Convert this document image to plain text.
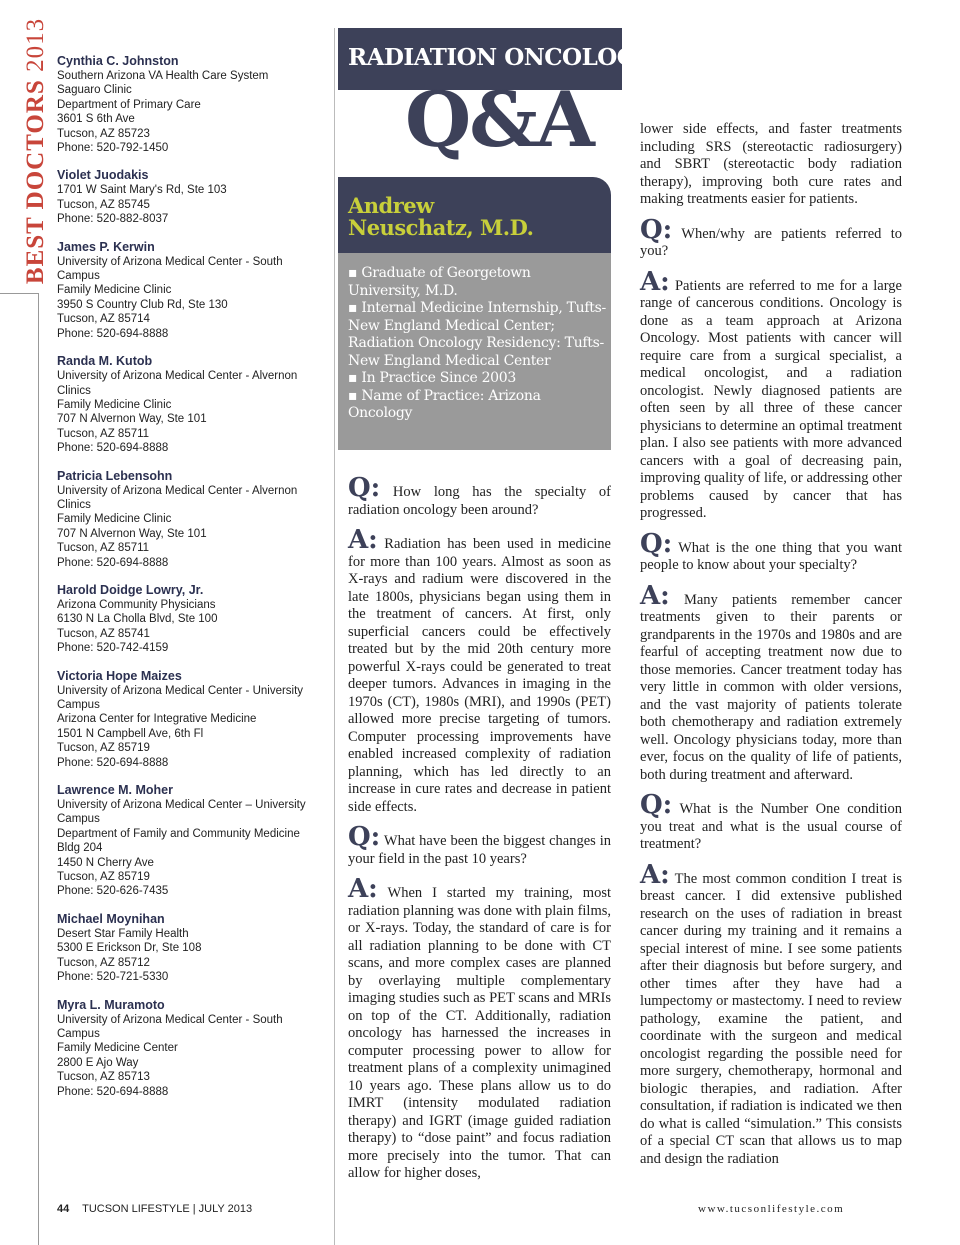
BEST DOCTORS 2013 Cynthia C. Johnston
Southern Arizona VA Health Care System
Saguaro Clinic
Department of Primary Care
3601 S 6th Ave
Tucson, AZ 85723
Phone: 520-792-1450
Violet Juodakis
1701 W Saint Mary's Rd, Ste 103
Tucson, AZ 85745
Phone: 520-882-8037
James P. Kerwin
University of Arizona Medical Center - South
Campus
Family Medicine Clinic
3950 S Country Club Rd, Ste 130
Tucson, AZ 85714
Phone: 520-694-8888
Randa M. Kutob
University of Arizona Medical Center - Alvernon
Clinics
Family Medicine Clinic
707 N Alvernon Way, Ste 101
Tucson, AZ 85711
Phone: 520-694-8888
Patricia Lebensohn
University of Arizona Medical Center - Alvernon
Clinics
Family Medicine Clinic
707 N Alvernon Way, Ste 101
Tucson, AZ 85711
Phone: 520-694-8888
Harold Doidge Lowry, Jr.
Arizona Community Physicians
6130 N La Cholla Blvd, Ste 100
Tucson, AZ 85741
Phone: 520-742-4159
Victoria Hope Maizes
University of Arizona Medical Center - University
Campus
Arizona Center for Integrative Medicine
1501 N Campbell Ave, 6th Fl
Tucson, AZ 85719
Phone: 520-694-8888
Lawrence M. Moher
University of Arizona Medical Center – University
Campus
Department of Family and Community Medicine
Bldg 204
1450 N Cherry Ave
Tucson, AZ 85719
Phone: 520-626-7435
Michael Moynihan
Desert Star Family Health
5300 E Erickson Dr, Ste 108
Tucson, AZ 85712
Phone: 520-721-5330
Myra L. Muramoto
University of Arizona Medical Center - South
Campus
Family Medicine Center
2800 E Ajo Way
Tucson, AZ 85713
Phone: 520-694-8888
RADIATION ONCOLOGY
Q&A
Andrew
Neuschatz, M.D.
▪ Graduate of Georgetown University, M.D.
▪ Internal Medicine Internship, Tufts-New England Medical Center; Radiation Oncology Residency: Tufts-New England Medical Center
▪ In Practice Since 2003
▪ Name of Practice: Arizona Oncology

Q: How long has the specialty of radiation oncology been around?

A: Radiation has been used in medicine for more than 100 years. Almost as soon as X-rays and radium were discovered in the late 1800s, physicians began using them in the treatment of cancers. At first, only superficial cancers could be effectively treated but by the mid 20th century more powerful X-rays could be generated to treat deeper tumors. Advances in imaging in the 1970s (CT), 1980s (MRI), and 1990s (PET) allowed more precise targeting of tumors. Computer processing improvements have enabled increased complexity of radiation planning, which has led directly to an increase in cure rates and decrease in patient side effects.

Q: What have been the biggest changes in your field in the past 10 years?

A: When I started my training, most radiation planning was done with plain films, or X-rays. Today, the standard of care is for all radiation planning to be done with CT scans, and more complex cases are planned by overlaying multiple complementary imaging studies such as PET scans and MRIs on top of the CT. Additionally, radiation oncology has harnessed the increases in computer processing power to allow for treatment plans of a complexity unimagined 10 years ago. These plans allow us to do IMRT (intensity modulated radiation therapy) and IGRT (image guided radiation therapy) to “dose paint” and focus radiation more precisely into the tumor. That can allow for higher doses,

lower side effects, and faster treatments including SRS (stereotactic radiosurgery) and SBRT (stereotactic body radiation therapy), improving both cure rates and making treatments easier for patients.

Q: When/why are patients referred to you?

A: Patients are referred to me for a large range of cancerous conditions. Oncology is done as a team approach at Arizona Oncology. Most patients with cancer will require care from a surgical specialist, a medical oncologist, and a radiation oncologist. Newly diagnosed patients are often seen by all three of these cancer physicians to determine an optimal treatment plan. I also see patients with more advanced cancers with a goal of decreasing pain, improving quality of life, or addressing other problems caused by cancer that has progressed.

Q: What is the one thing that you want people to know about your specialty?

A: Many patients remember cancer treatments given to their parents or grandparents in the 1970s and 1980s and are fearful of accepting treatment now due to those memories. Cancer treatment today has very little in common with older versions, and the vast majority of patients tolerate both chemotherapy and radiation extremely well. Oncology physicians today, more than ever, focus on the quality of life of patients, both during treatment and afterward.

Q: What is the Number One condition you treat and what is the usual course of treatment?

A: The most common condition I treat is breast cancer. I did extensive published research on the uses of radiation in breast cancer during my training and it remains a special interest of mine. I see some patients after their diagnosis but before surgery, and other times after they have had a lumpectomy or mastectomy. I need to review pathology, examine the patient, and coordinate with the surgeon and medical oncologist regarding the possible need for more surgery, chemotherapy, hormonal and biologic therapies, and radiation. After consultation, if radiation is indicated we then do what is called “simulation.” This consists of a special CT scan that allows us to map and design the radiation

44 TUCSON LIFESTYLE | JULY 2013	www.tucsonlifestyle.com
